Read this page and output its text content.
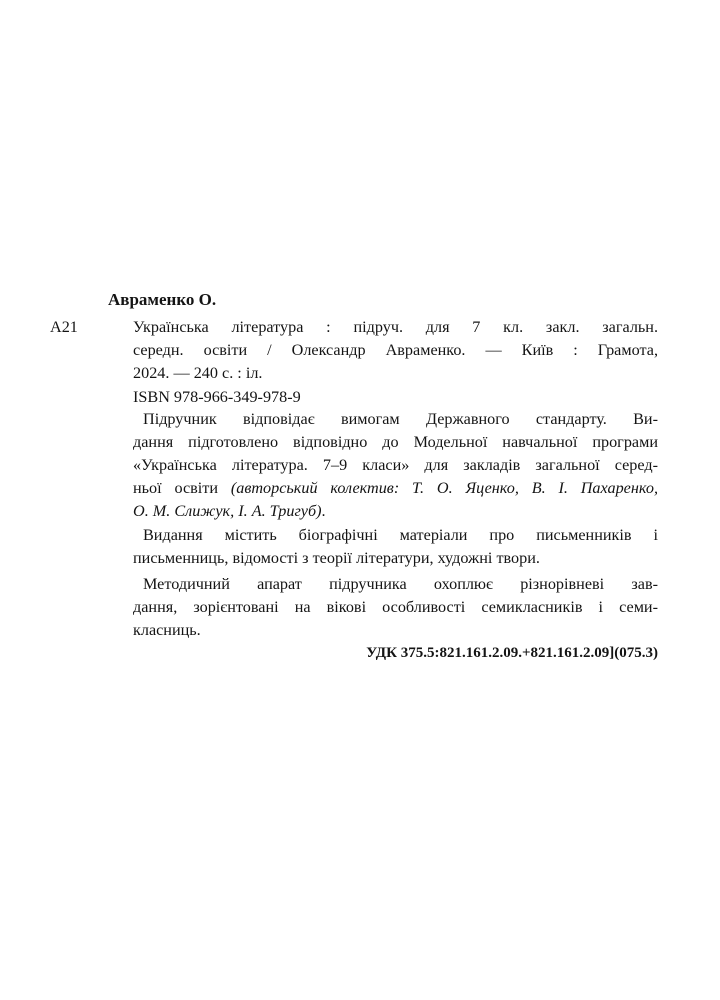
Авраменко О.
А21	Українська література : підруч. для 7 кл. закл. загальн.
середн. освіти / Олександр Авраменко. — Київ : Грамота,
2024. — 240 с. : іл.
ISBN 978-966-349-978-9
Підручник відповідає вимогам Державного стандарту. Ви-
дання підготовлено відповідно до Модельної навчальної програми
«Українська література. 7–9 класи» для закладів загальної серед-
ньої освіти (авторський колектив: Т. О. Яценко, В. І. Пахаренко,
О. М. Слижук, І. А. Тригуб).
Видання містить біографічні матеріали про письменників і
письменниць, відомості з теорії літератури, художні твори.
Методичний апарат підручника охоплює різнорівневі зав-
дання, зорієнтовані на вікові особливості семикласників і семи-
класниць.
УДК 375.5:821.161.2.09.+821.161.2.09](075.3)
